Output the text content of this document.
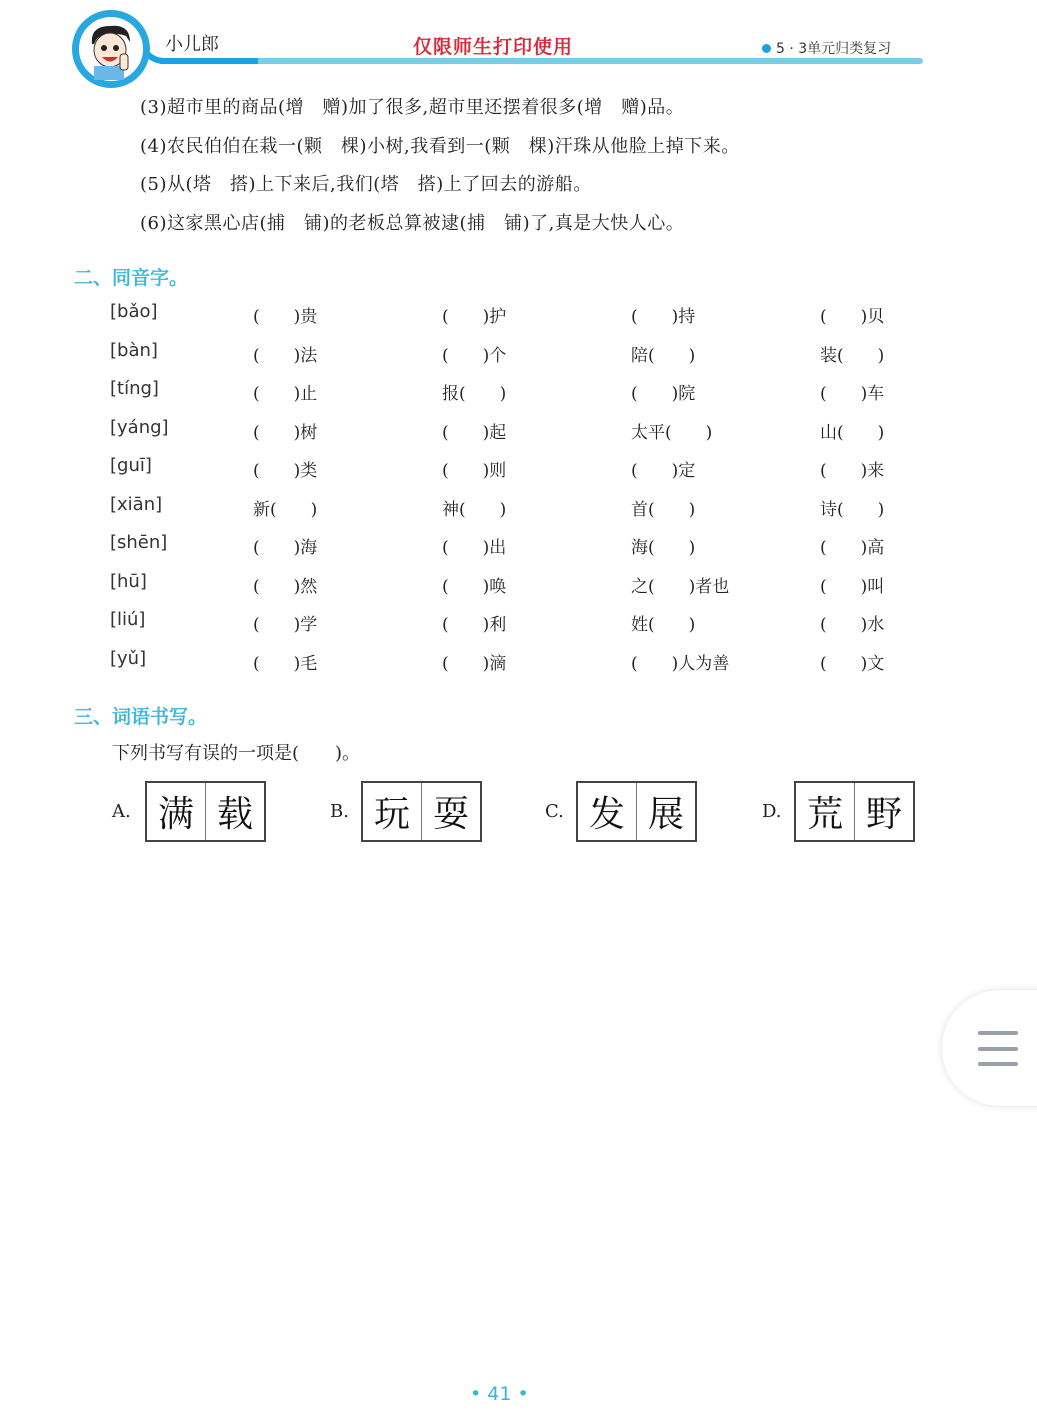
小儿郎	仅限师生打印使用	5 · 3单元归类复习
(3)超市里的商品(增　赠)加了很多,超市里还摆着很多(增　赠)品。
(4)农民伯伯在栽一(颗　棵)小树,我看到一(颗　棵)汗珠从他脸上掉下来。
(5)从(塔　搭)上下来后,我们(塔　搭)上了回去的游船。
(6)这家黑心店(捕　铺)的老板总算被逮(捕　铺)了,真是大快人心。
二、同音字。
[bǎo]	(　　)贵	(　　)护	(　　)持	(　　)贝
[bàn]	(　　)法	(　　)个	陪(　　)	装(　　)
[tíng]	(　　)止	报(　　)	(　　)院	(　　)车
[yáng]	(　　)树	(　　)起	太平(　　)	山(　　)
[guī]	(　　)类	(　　)则	(　　)定	(　　)来
[xiān]	新(　　)	神(　　)	首(　　)	诗(　　)
[shēn]	(　　)海	(　　)出	海(　　)	(　　)高
[hū]	(　　)然	(　　)唤	之(　　)者也	(　　)叫
[liú]	(　　)学	(　　)利	姓(　　)	(　　)水
[yǔ]	(　　)毛	(　　)滴	(　　)人为善	(　　)文
三、词语书写。
下列书写有误的一项是(　　)。
A. 满 载	B. 玩 耍	C. 发 展	D. 荒 野
• 41 •
